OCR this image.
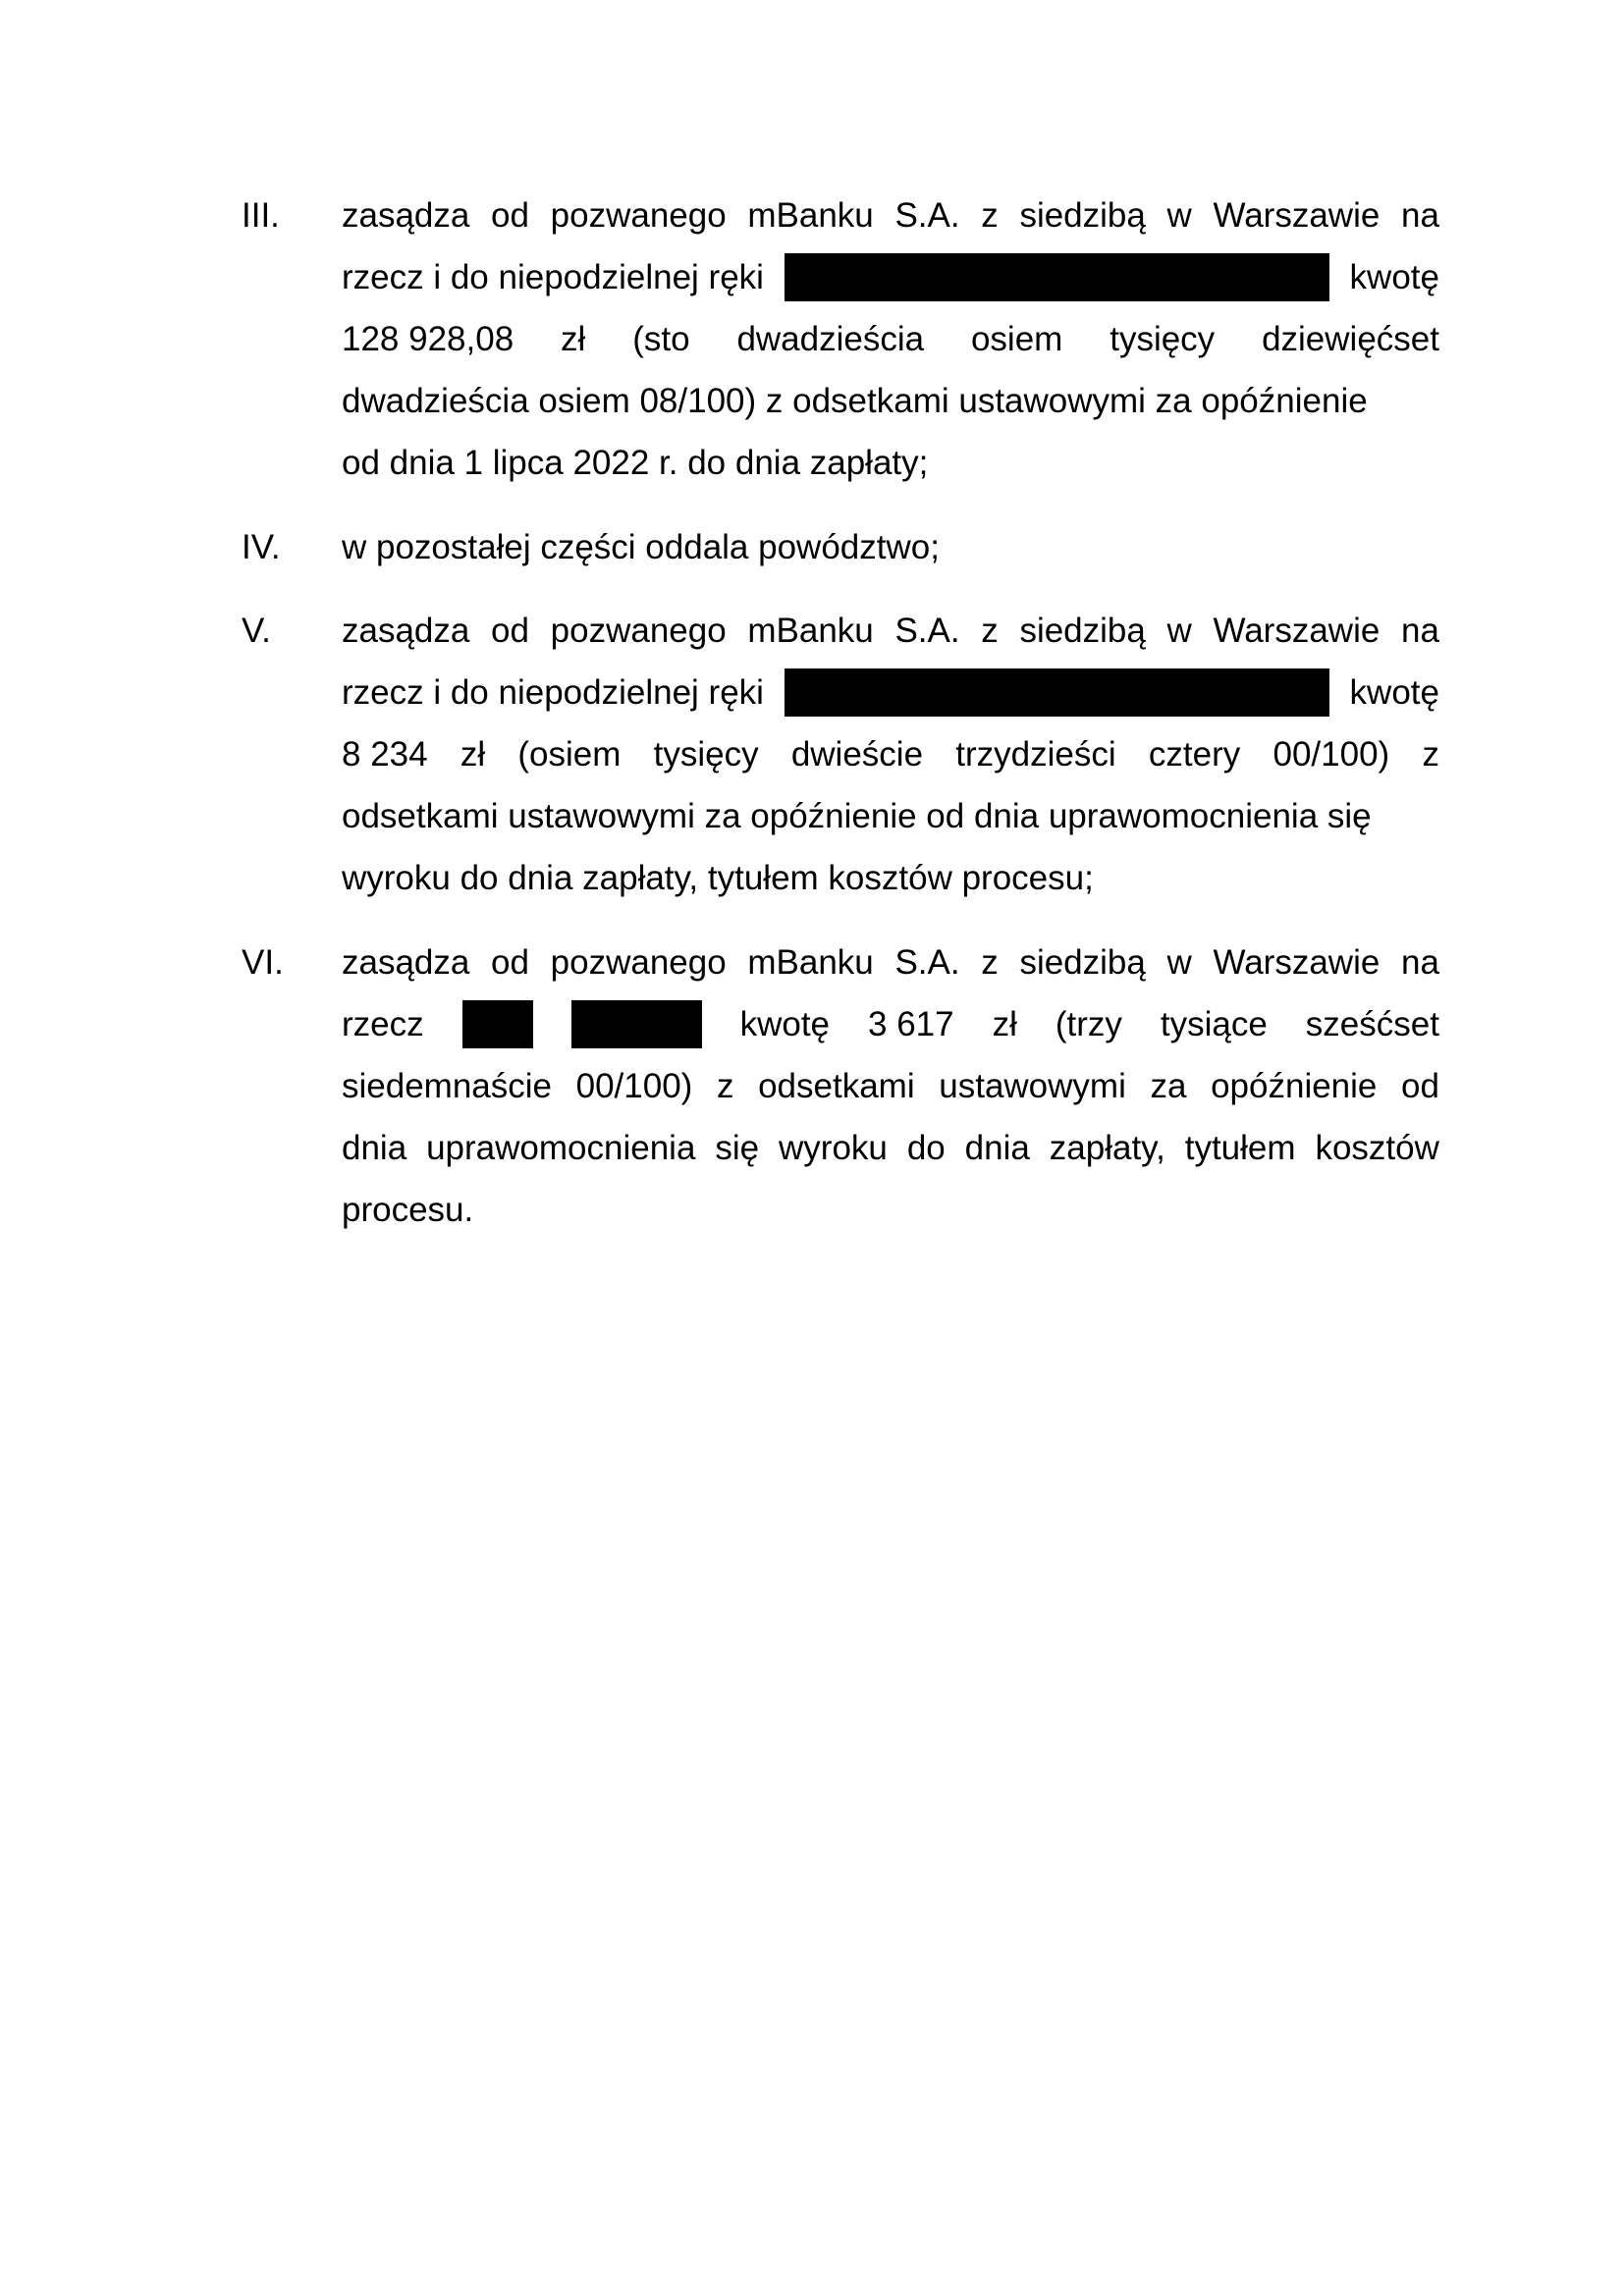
III. zasądza od pozwanego mBanku S.A. z siedzibą w Warszawie na
rzecz i do niepodzielnej ręki	kwotę
128 928,08 zł (sto dwadzieścia osiem tysięcy dziewięćset
dwadzieścia osiem 08/100) z odsetkami ustawowymi za opóźnienie
od dnia 1 lipca 2022 r. do dnia zapłaty;
IV. w pozostałej części oddala powództwo;
V. zasądza od pozwanego mBanku S.A. z siedzibą w Warszawie na
rzecz i do niepodzielnej ręki	kwotę
8 234 zł (osiem tysięcy dwieście trzydzieści cztery 00/100) z
odsetkami ustawowymi za opóźnienie od dnia uprawomocnienia się
wyroku do dnia zapłaty, tytułem kosztów procesu;
VI. zasądza od pozwanego mBanku S.A. z siedzibą w Warszawie na
rzecz	kwotę 3 617 zł (trzy tysiące sześćset
siedemnaście 00/100) z odsetkami ustawowymi za opóźnienie od
dnia uprawomocnienia się wyroku do dnia zapłaty, tytułem kosztów
procesu.
